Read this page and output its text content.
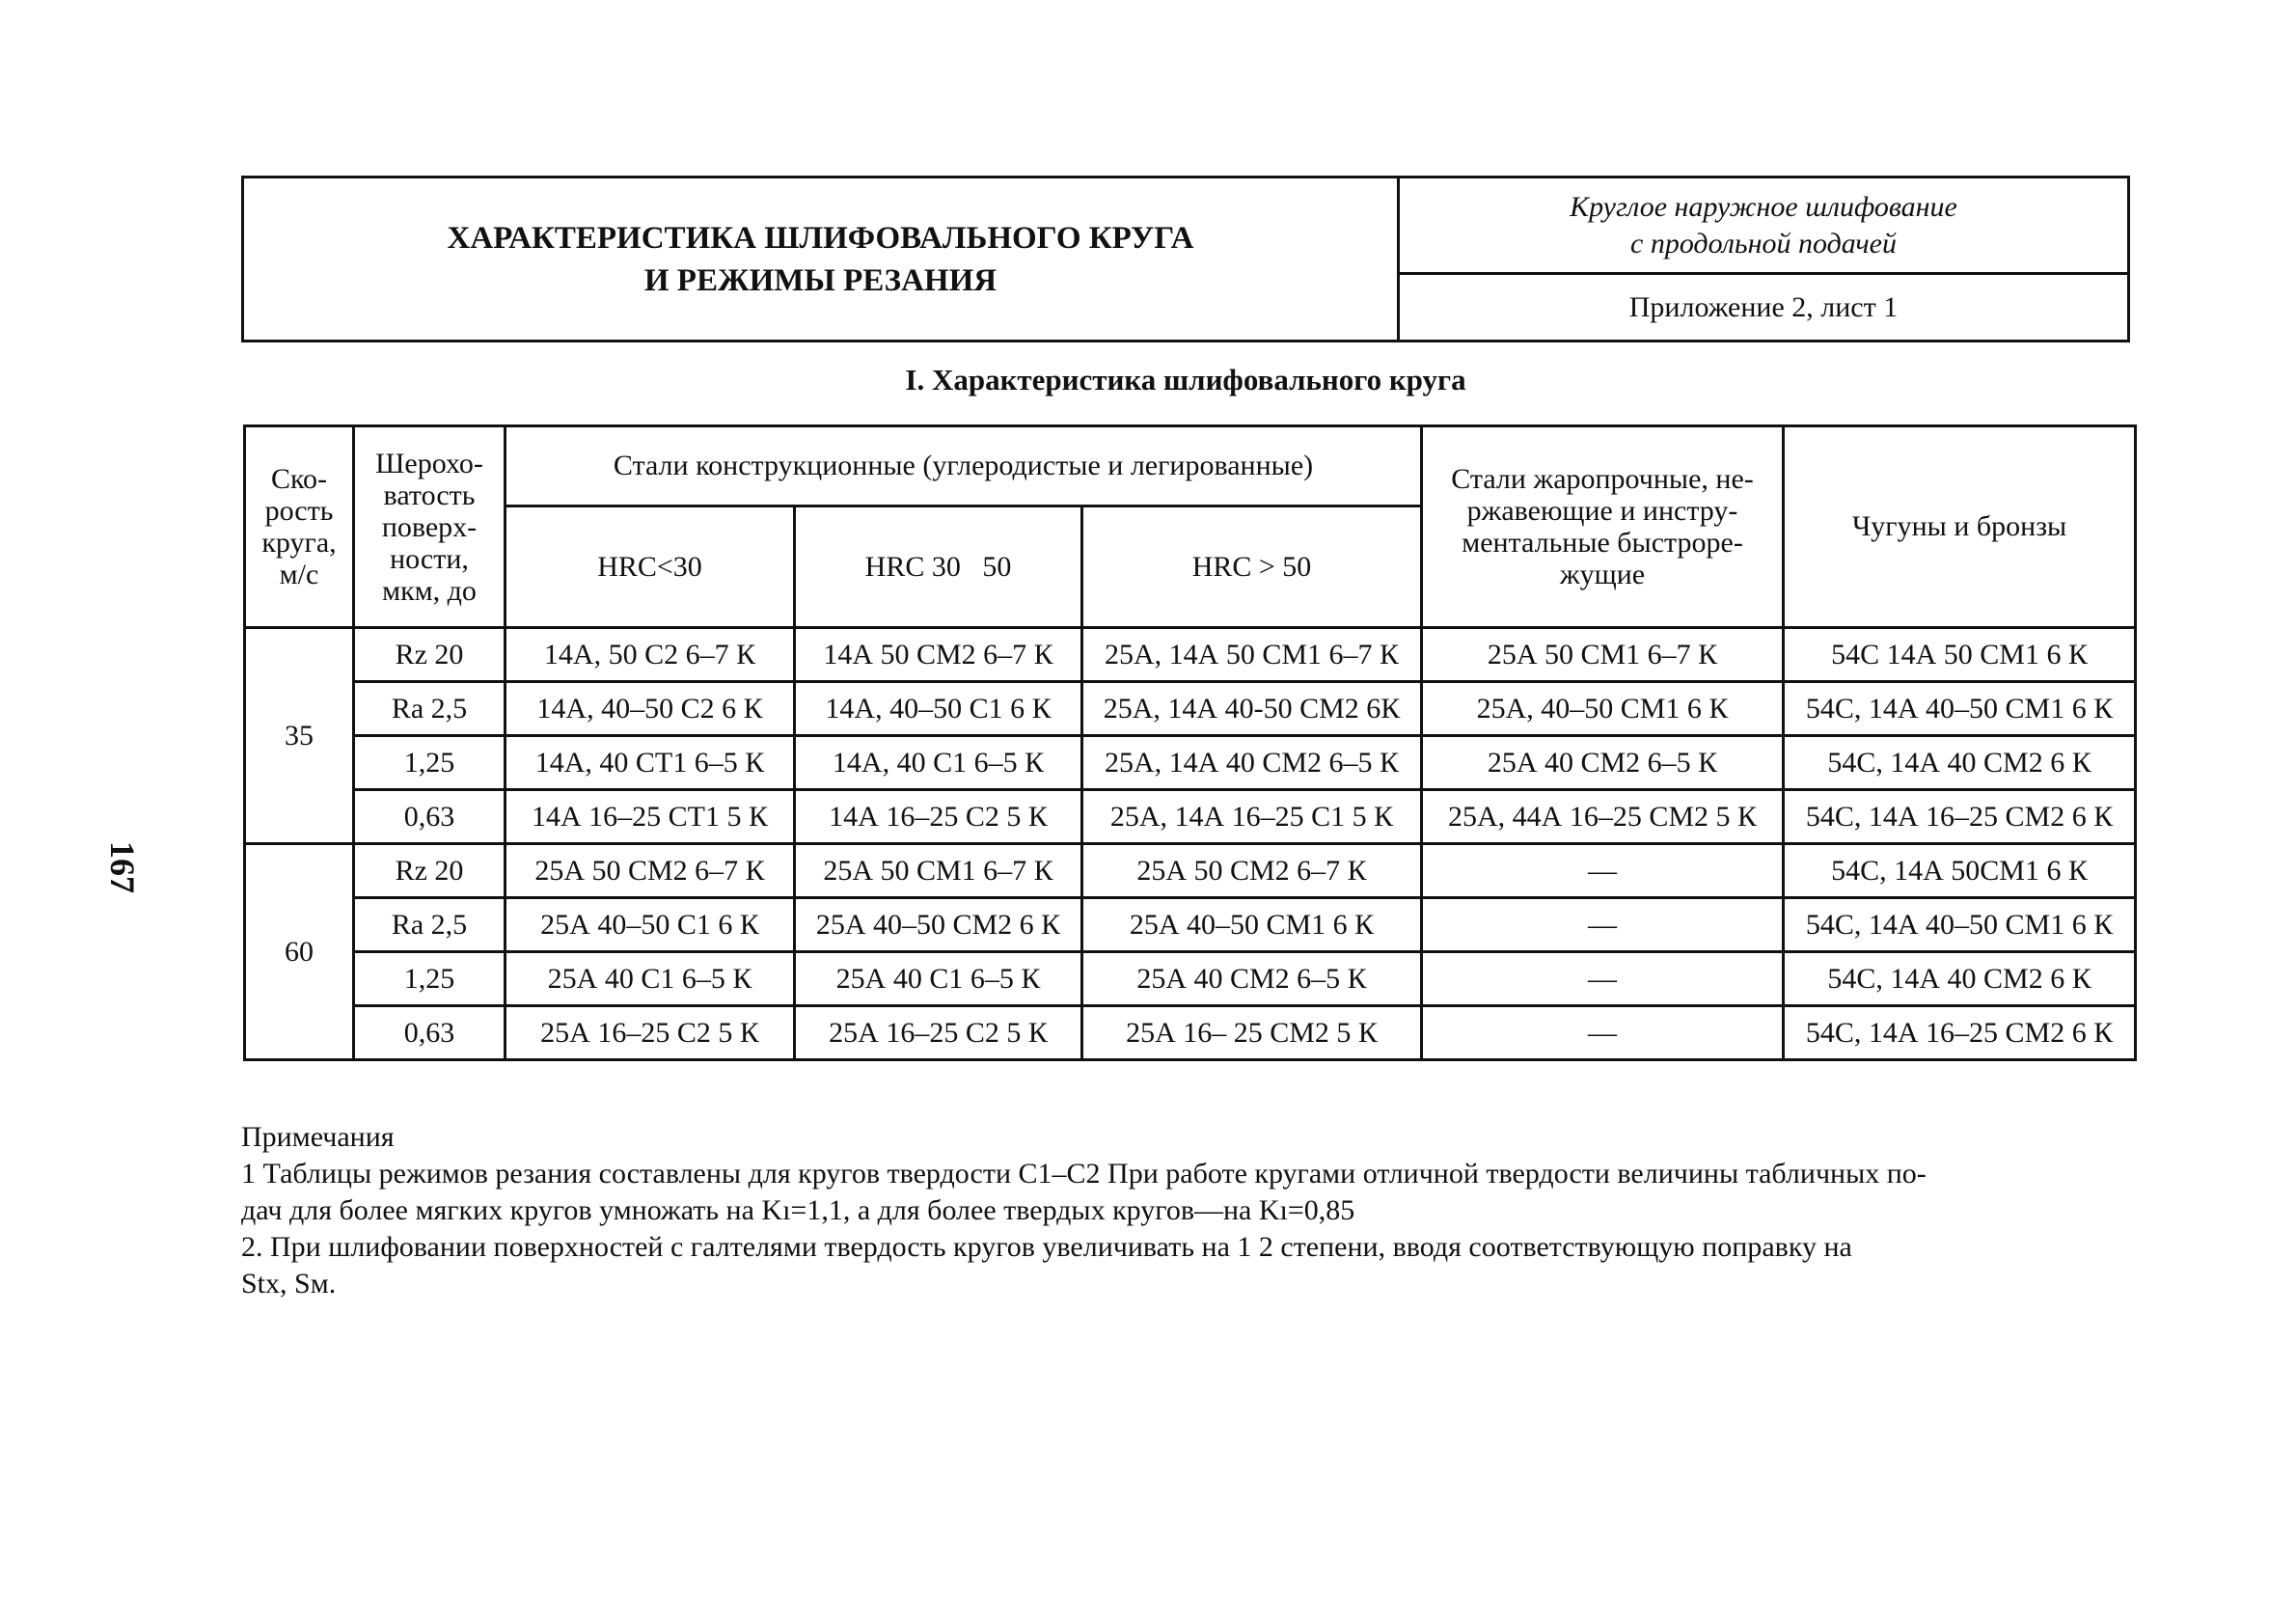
ХАРАКТЕРИСТИКА ШЛИФОВАЛЬНОГО КРУГА
И РЕЖИМЫ РЕЗАНИЯ
Круглое наружное шлифование
с продольной подачей
Приложение 2, лист 1
I. Характеристика шлифовального круга
167
Ско-
рость
круга,
м/с	Шерохо-
ватость
поверх-
ности,
мкм, до	Стали конструкционные (углеродистые и легированные)			Стали жаропрочные, не-
ржавеющие и инстру-
ментальные быстроре-
жущие	Чугуны и бронзы
		HRC<30	HRC 30   50	HRC > 50		
35	Rz 20	14А, 50 С2 6–7 К	14А 50 СМ2 6–7 К	25А, 14А 50 СМ1 6–7 К	25А 50 СМ1 6–7 К	54С 14А 50 СМ1 6 К
	Ra 2,5	14А, 40–50 С2 6 К	14А, 40–50 С1 6 К	25А, 14А 40-50 СМ2 6К	25А, 40–50 СМ1 6 К	54С, 14А 40–50 СМ1 6 К
	1,25	14А, 40 СТ1 6–5 К	14А, 40 С1 6–5 К	25А, 14А 40 СМ2 6–5 К	25А 40 СМ2 6–5 К	54С, 14А 40 СМ2 6 К
	0,63	14А 16–25 СТ1 5 К	14А 16–25 С2 5 К	25А, 14А 16–25 С1 5 К	25А, 44А 16–25 СМ2 5 К	54С, 14А 16–25 СМ2 6 К
60	Rz 20	25А 50 СМ2 6–7 К	25А 50 СМ1 6–7 К	25А 50 СМ2 6–7 К	—	54С, 14А 50СМ1 6 К
	Ra 2,5	25А 40–50 С1 6 К	25А 40–50 СМ2 6 К	25А 40–50 СМ1 6 К	—	54С, 14А 40–50 СМ1 6 К
	1,25	25А 40 С1 6–5 К	25А 40 С1 6–5 К	25А 40 СМ2 6–5 К	—	54С, 14А 40 СМ2 6 К
	0,63	25А 16–25 С2 5 К	25А 16–25 С2 5 К	25А 16– 25 СМ2 5 К	—	54С, 14А 16–25 СМ2 6 К
Примечания
1 Таблицы режимов резания составлены для кругов твердости С1–С2 При работе кругами отличной твердости величины табличных по-
дач для более мягких кругов умножать на Kı=1,1, а для более твердых кругов—на Kı=0,85
2. При шлифовании поверхностей с галтелями твердость кругов увеличивать на 1 2 степени, вводя соответствующую поправку на
Stx, Sм.
